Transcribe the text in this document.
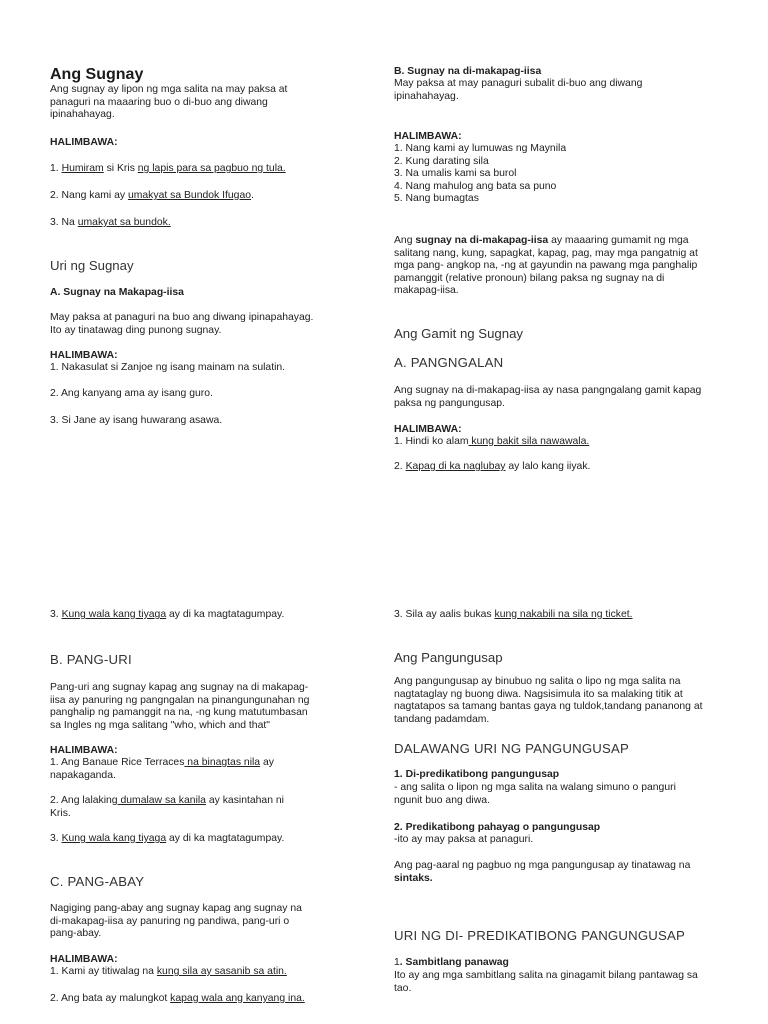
Ang Sugnay
Ang sugnay ay lipon ng mga salita na may paksa at
panaguri na maaaring buo o di-buo ang diwang
ipinahahayag.
HALIMBAWA:
1. Humiram si Kris ng lapis para sa pagbuo ng tula.
2. Nang kami ay umakyat sa Bundok Ifugao.
3. Na umakyat sa bundok.
Uri ng Sugnay
A. Sugnay na Makapag-iisa
May paksa at panaguri na buo ang diwang ipinapahayag.
Ito ay tinatawag ding punong sugnay.
HALIMBAWA:
1. Nakasulat si Zanjoe ng isang mainam na sulatin.
2. Ang kanyang ama ay isang guro.
3. Si Jane ay isang huwarang asawa.
B. Sugnay na di-makapag-iisa
May paksa at may panaguri subalit di-buo ang diwang
ipinahahayag.
HALIMBAWA:
1. Nang kami ay lumuwas ng Maynila
2. Kung darating sila
3. Na umalis kami sa burol
4. Nang mahulog ang bata sa puno
5. Nang bumagtas
Ang sugnay na di-makapag-iisa ay maaaring gumamit ng mga
salitang nang, kung, sapagkat, kapag, pag, may mga pangatnig at
mga pang- angkop na, -ng at gayundin na pawang mga panghalip
pamanggit (relative pronoun) bilang paksa ng sugnay na di
makapag-iisa.
Ang Gamit ng Sugnay
A. PANGNGALAN
Ang sugnay na di-makapag-iisa ay nasa pangngalang gamit kapag
paksa ng pangungusap.
HALIMBAWA:
1. Hindi ko alam kung bakit sila nawawala.
2. Kapag di ka naglubay ay lalo kang iiyak.
3. Kung wala kang tiyaga ay di ka magtatagumpay.
B. PANG-URI
Pang-uri ang sugnay kapag ang sugnay na di makapag-
iisa ay panuring ng pangngalan na pinangungunahan ng
panghalip ng pamanggit na na, -ng kung matutumbasan
sa Ingles ng mga salitang "who, which and that"
HALIMBAWA:
1. Ang Banaue Rice Terraces na binagtas nila ay
napakaganda.
2. Ang lalaking dumalaw sa kanila ay kasintahan ni
Kris.
3. Kung wala kang tiyaga ay di ka magtatagumpay.
C. PANG-ABAY
Nagiging pang-abay ang sugnay kapag ang sugnay na
di-makapag-iisa ay panuring ng pandiwa, pang-uri o
pang-abay.
HALIMBAWA:
1. Kami ay titiwalag na kung sila ay sasanib sa atin.
2. Ang bata ay malungkot kapag wala ang kanyang ina.
3. Sila ay aalis bukas kung nakabili na sila ng ticket.
Ang Pangungusap
Ang pangungusap ay binubuo ng salita o lipo ng mga salita na
nagtataglay ng buong diwa. Nagsisimula ito sa malaking titik at
nagtatapos sa tamang bantas gaya ng tuldok,tandang pananong at
tandang padamdam.
DALAWANG URI NG PANGUNGUSAP
1. Di-predikatibong pangungusap
- ang salita o lipon ng mga salita na walang simuno o panguri
ngunit buo ang diwa.
2. Predikatibong pahayag o pangungusap
-ito ay may paksa at panaguri.
Ang pag-aaral ng pagbuo ng mga pangungusap ay tinatawag na
sintaks.
URI NG DI- PREDIKATIBONG PANGUNGUSAP
1. Sambitlang panawag
Ito ay ang mga sambitlang salita na ginagamit bilang pantawag sa
tao.
